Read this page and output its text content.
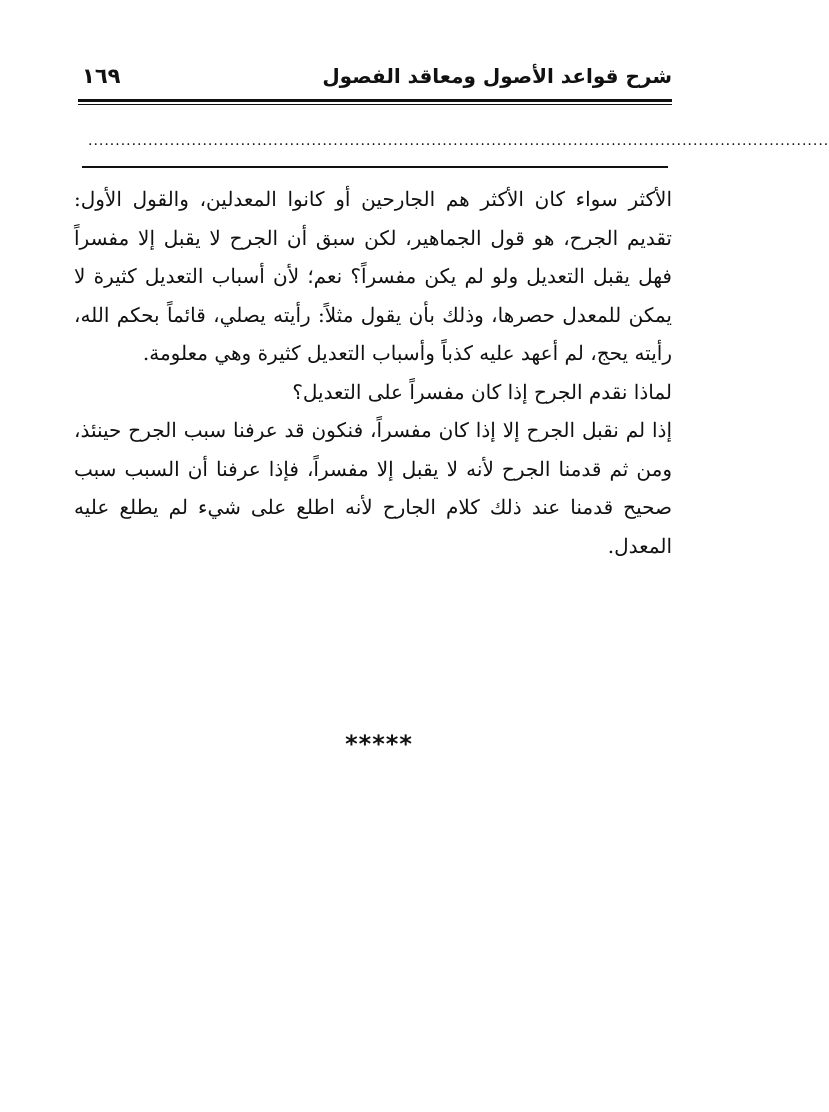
شرح قواعد الأصول ومعاقد الفصول
١٦٩
........................................................................................................................................

الأكثر سواء كان الأكثر هم الجارحين أو كانوا المعدلين، والقول الأول: تقديم الجرح، هو قول الجماهير، لكن سبق أن الجرح لا يقبل إلا مفسراً فهل يقبل التعديل ولو لم يكن مفسراً؟ نعم؛ لأن أسباب التعديل كثيرة لا يمكن للمعدل حصرها، وذلك بأن يقول مثلاً: رأيته يصلي، قائماً بحكم الله، رأيته يحج، لم أعهد عليه كذباً وأسباب التعديل كثيرة وهي معلومة.

لماذا نقدم الجرح إذا كان مفسراً على التعديل؟

إذا لم نقبل الجرح إلا إذا كان مفسراً، فنكون قد عرفنا سبب الجرح حينئذ، ومن ثم قدمنا الجرح لأنه لا يقبل إلا مفسراً، فإذا عرفنا أن السبب سبب صحيح قدمنا عند ذلك كلام الجارح لأنه اطلع على شيء لم يطلع عليه المعدل.

*****
